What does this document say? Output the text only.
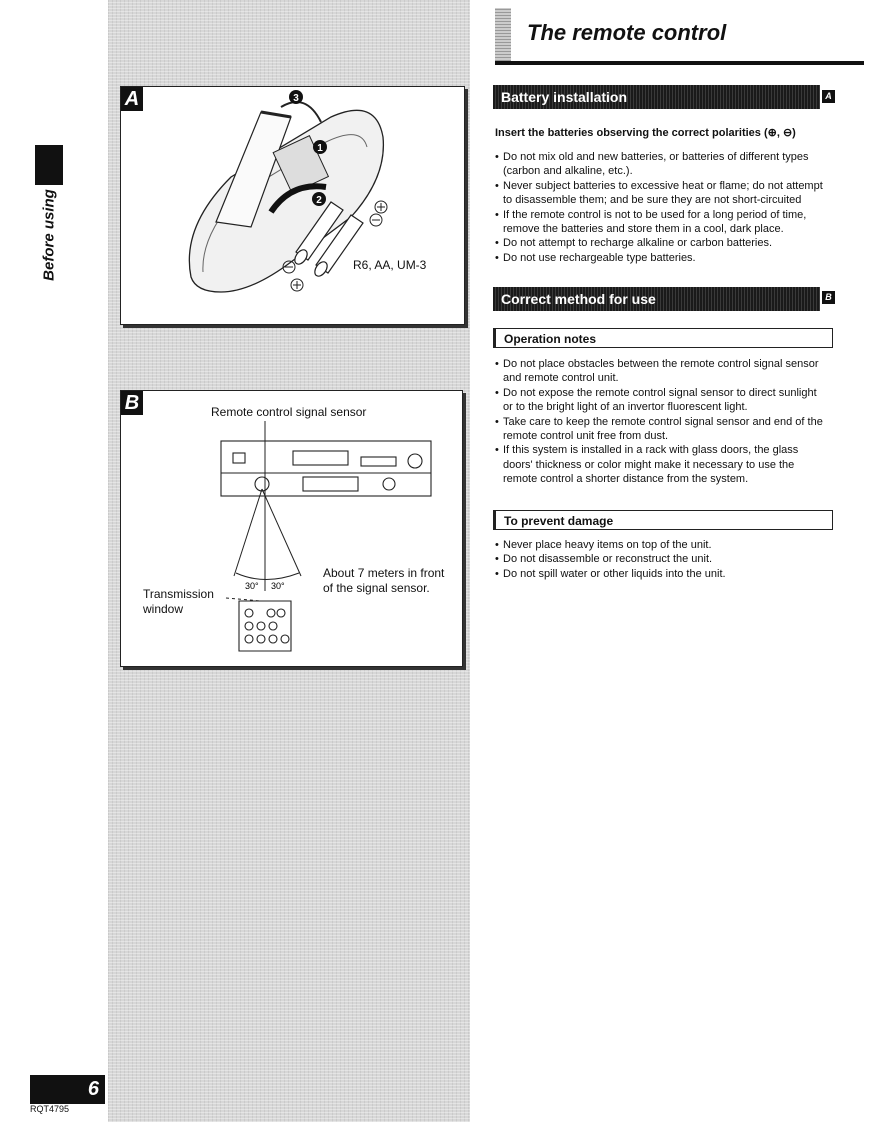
Before using
6
RQT4795
A	3
1
2
R6, AA, UM-3
B	Remote control signal sensor
30° 30°
Transmission
window
About 7 meters in front
of the signal sensor.
The remote control
Battery installation	A
Insert the batteries observing the correct polarities (⊕, ⊖)
• Do not mix old and new batteries, or batteries of different types
(carbon and alkaline, etc.).
• Never subject batteries to excessive heat or flame; do not attempt
to disassemble them; and be sure they are not short-circuited
• If the remote control is not to be used for a long period of time,
remove the batteries and store them in a cool, dark place.
• Do not attempt to recharge alkaline or carbon batteries.
• Do not use rechargeable type batteries.
Correct method for use	B
Operation notes
• Do not place obstacles between the remote control signal sensor
and remote control unit.
• Do not expose the remote control signal sensor to direct sunlight
or to the bright light of an invertor fluorescent light.
• Take care to keep the remote control signal sensor and end of the
remote control unit free from dust.
• If this system is installed in a rack with glass doors, the glass
doors' thickness or color might make it necessary to use the
remote control a shorter distance from the system.
To prevent damage
• Never place heavy items on top of the unit.
• Do not disassemble or reconstruct the unit.
• Do not spill water or other liquids into the unit.
